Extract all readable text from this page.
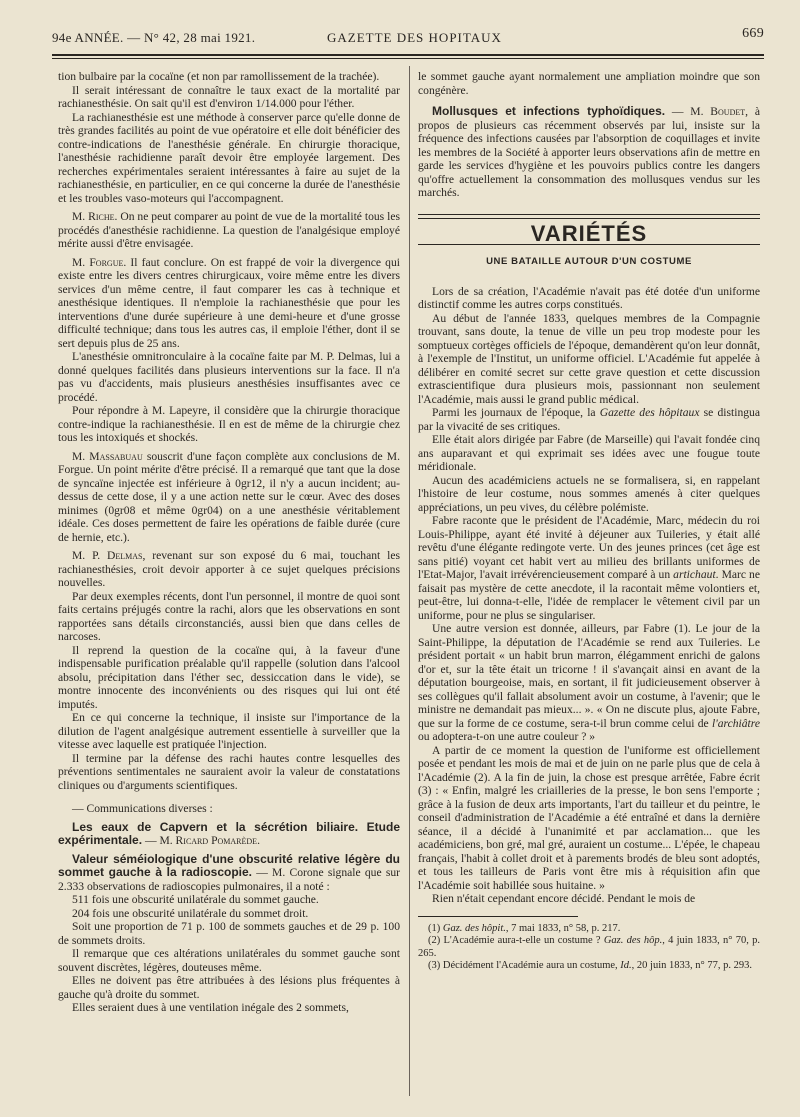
94e ANNÉE. — N° 42, 28 mai 1921.	GAZETTE DES HOPITAUX	669

tion bulbaire par la cocaïne (et non par ramollissement de la trachée).

Il serait intéressant de connaître le taux exact de la mortalité par rachianesthésie. On sait qu'il est d'environ 1/14.000 pour l'éther.

La rachianesthésie est une méthode à conserver parce qu'elle donne de très grandes facilités au point de vue opératoire et elle doit bénéficier des contre-indications de l'anesthésie générale. En chirurgie thoracique, l'anesthésie rachidienne paraît devoir être employée largement. Des recherches expérimentales seraient intéressantes à faire au sujet de la rachianesthésie, en particulier, en ce qui concerne la durée de l'anesthésie et les troubles vaso-moteurs qui l'accompagnent.

M. Riche. On ne peut comparer au point de vue de la mortalité tous les procédés d'anesthésie rachidienne. La question de l'analgésique employé mérite aussi d'être envisagée.

M. Forgue. Il faut conclure. On est frappé de voir la divergence qui existe entre les divers centres chirurgicaux, voire même entre les divers services d'un même centre, il faut comparer les cas à technique et anesthésique identiques. Il n'emploie la rachianesthésie que pour les interventions d'une durée supérieure à une demi-heure et d'une grosse difficulté technique; dans tous les autres cas, il emploie l'éther, dont il se sert depuis plus de 25 ans.

L'anesthésie omnitronculaire à la cocaïne faite par M. P. Delmas, lui a donné quelques facilités dans plusieurs interventions sur la face. Il n'a pas vu d'accidents, mais plusieurs anesthésies insuffisantes avec ce procédé.

Pour répondre à M. Lapeyre, il considère que la chirurgie thoracique contre-indique la rachianesthésie. Il en est de même de la chirurgie chez tous les intoxiqués et shockés.

M. Massabuau souscrit d'une façon complète aux conclusions de M. Forgue. Un point mérite d'être précisé. Il a remarqué que tant que la dose de syncaïne injectée est inférieure à 0gr12, il n'y a aucun incident; au-dessus de cette dose, il y a une action nette sur le cœur. Avec des doses minimes (0gr08 et même 0gr04) on a une anesthésie véritablement idéale. Ces doses permettent de faire les opérations de faible durée (cure de hernie, etc.).

M. P. Delmas, revenant sur son exposé du 6 mai, touchant les rachianesthésies, croit devoir apporter à ce sujet quelques précisions nouvelles.

Par deux exemples récents, dont l'un personnel, il montre de quoi sont faits certains préjugés contre la rachi, alors que les observations en sont rapportées sans détails circonstanciés, aussi bien que dans celles de narcoses.

Il reprend la question de la cocaïne qui, à la faveur d'une indispensable purification préalable qu'il rappelle (solution dans l'alcool absolu, précipitation dans l'éther sec, dessiccation dans le vide), se montre innocente des inconvénients ou des risques qui lui ont été imputés.

En ce qui concerne la technique, il insiste sur l'importance de la dilution de l'agent analgésique autrement essentielle à surveiller que la vitesse avec laquelle est pratiquée l'injection.

Il termine par la défense des rachi hautes contre lesquelles des préventions sentimentales ne sauraient avoir la valeur de constatations cliniques ou d'arguments scientifiques.

— Communications diverses :

Les eaux de Capvern et la sécrétion biliaire. Etude expérimentale. — M. Ricard Pomarède.

Valeur séméiologique d'une obscurité relative légère du sommet gauche à la radioscopie. — M. Corone signale que sur 2.333 observations de radioscopies pulmonaires, il a noté :

511 fois une obscurité unilatérale du sommet gauche.

204 fois une obscurité unilatérale du sommet droit.

Soit une proportion de 71 p. 100 de sommets gauches et de 29 p. 100 de sommets droits.

Il remarque que ces altérations unilatérales du sommet gauche sont souvent discrètes, légères, douteuses même.

Elles ne doivent pas être attribuées à des lésions plus fréquentes à gauche qu'à droite du sommet.

Elles seraient dues à une ventilation inégale des 2 sommets,

le sommet gauche ayant normalement une ampliation moindre que son congénère.

Mollusques et infections typhoïdiques. — M. Boudet, à propos de plusieurs cas récemment observés par lui, insiste sur la fréquence des infections causées par l'absorption de coquillages et invite les membres de la Société à apporter leurs observations afin de mettre en garde les services d'hygiène et les pouvoirs publics contre les dangers qu'offre actuellement la consommation des mollusques vendus sur les marchés.

VARIÉTÉS
UNE BATAILLE AUTOUR D'UN COSTUME

Lors de sa création, l'Académie n'avait pas été dotée d'un uniforme distinctif comme les autres corps constitués.

Au début de l'année 1833, quelques membres de la Compagnie trouvant, sans doute, la tenue de ville un peu trop modeste pour les somptueux cortèges officiels de l'époque, demandèrent qu'on leur donnât, à l'exemple de l'Institut, un uniforme officiel. L'Académie fut appelée à délibérer en comité secret sur cette grave question et cette discussion extrascientifique dura plusieurs mois, passionnant non seulement l'Académie, mais aussi le grand public médical.

Parmi les journaux de l'époque, la Gazette des hôpitaux se distingua par la vivacité de ses critiques.

Elle était alors dirigée par Fabre (de Marseille) qui l'avait fondée cinq ans auparavant et qui exprimait ses idées avec une fougue toute méridionale.

Aucun des académiciens actuels ne se formalisera, si, en rappelant l'histoire de leur costume, nous sommes amenés à citer quelques appréciations, un peu vives, du célèbre polémiste.

Fabre raconte que le président de l'Académie, Marc, médecin du roi Louis-Philippe, ayant été invité à déjeuner aux Tuileries, y était allé revêtu d'une élégante redingote verte. Un des jeunes princes (cet âge est sans pitié) voyant cet habit vert au milieu des brillants uniformes de l'Etat-Major, l'avait irrévérencieusement comparé à un artichaut. Marc ne faisait pas mystère de cette anecdote, il la racontait même volontiers et, peut-être, lui donna-t-elle, l'idée de remplacer le vêtement civil par un uniforme, pour ne plus se singulariser.

Une autre version est donnée, ailleurs, par Fabre (1). Le jour de la Saint-Philippe, la députation de l'Académie se rend aux Tuileries. Le président portait « un habit brun marron, élégamment enrichi de galons d'or et, sur la tête était un tricorne ! il s'avançait ainsi en avant de la députation bourgeoise, mais, en sortant, il fit judicieusement observer à ses collègues qu'il fallait absolument avoir un costume, à l'avenir; que le ministre ne demandait pas mieux... ». « On ne discute plus, ajoute Fabre, que sur la forme de ce costume, sera-t-il brun comme celui de l'archiâtre ou adoptera-t-on une autre couleur ? »

A partir de ce moment la question de l'uniforme est officiellement posée et pendant les mois de mai et de juin on ne parle plus que de cela à l'Académie (2). A la fin de juin, la chose est presque arrêtée, Fabre écrit (3) : « Enfin, malgré les criailleries de la presse, le bon sens l'emporte ; grâce à la fusion de deux arts importants, l'art du tailleur et du peintre, le conseil d'administration de l'Académie a été entraîné et dans la dernière séance, il a décidé à l'unanimité et par acclamation... que les académiciens, bon gré, mal gré, auraient un costume... L'épée, le chapeau français, l'habit à collet droit et à parements brodés de bleu sont adoptés, et tous les tailleurs de Paris vont être mis à réquisition afin que l'Académie soit habillée sous huitaine. »

Rien n'était cependant encore décidé. Pendant le mois de

(1) Gaz. des hôpit., 7 mai 1833, n° 58, p. 217.

(2) L'Académie aura-t-elle un costume ? Gaz. des hôp., 4 juin 1833, n° 70, p. 265.

(3) Décidément l'Académie aura un costume, Id., 20 juin 1833, n° 77, p. 293.
